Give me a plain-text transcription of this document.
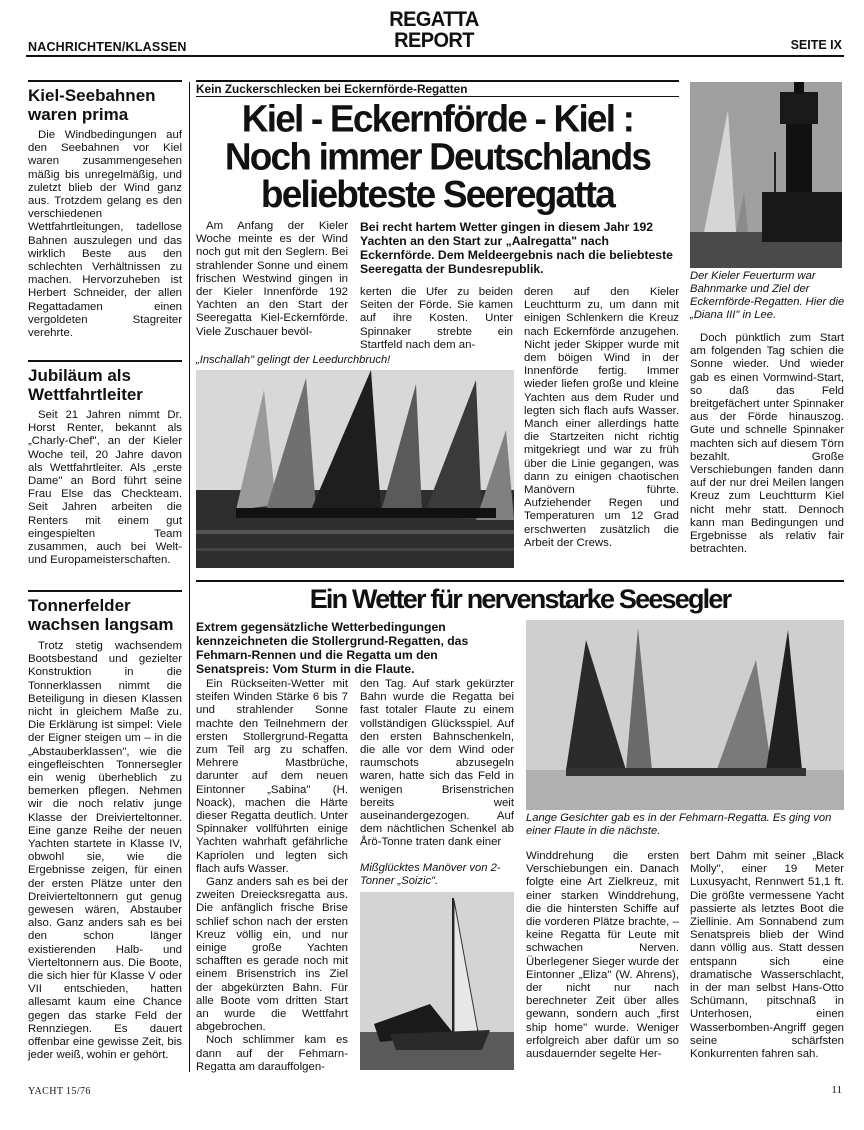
NACHRICHTEN/KLASSEN
REGATTA
REPORT	SEITE IX
Kiel-Seebahnen waren prima

Die Windbedingungen auf den Seebahnen vor Kiel waren zusammengesehen mäßig bis unregelmäßig, und zuletzt blieb der Wind ganz aus. Trotzdem gelang es den verschiedenen Wettfahrtleitungen, tadellose Bahnen auszulegen und das wirklich Beste aus den schlechten Verhältnissen zu machen. Hervorzuheben ist Herbert Schneider, der allen Regattadamen einen vergoldeten Stagreiter verehrte.

Jubiläum als Wettfahrtleiter

Seit 21 Jahren nimmt Dr. Horst Renter, bekannt als „Charly-Chef", an der Kieler Woche teil, 20 Jahre davon als Wettfahrtleiter. Als „erste Dame" an Bord führt seine Frau Else das Checkteam. Seit Jahren arbeiten die Renters mit einem gut eingespielten Team zusammen, auch bei Welt- und Europameisterschaften.

Tonnerfelder wachsen langsam

Trotz stetig wachsendem Bootsbestand und gezielter Konstruktion in die Tonnerklassen nimmt die Beteiligung in diesen Klassen nicht in gleichem Maße zu. Die Erklärung ist simpel: Viele der Eigner steigen um – in die „Abstauberklassen", wie die eingefleischten Tonnersegler ein wenig überheblich zu bemerken pflegen. Nehmen wir die noch relativ junge Klasse der Dreivierteltonner. Eine ganze Reihe der neuen Yachten startete in Klasse IV, obwohl sie, wie die Ergebnisse zeigen, für einen der ersten Plätze unter den Dreivierteltonnern gut genug gewesen wären, Abstauber also. Ganz anders sah es bei den schon länger existierenden Halb- und Vierteltonnern aus. Die Boote, die sich hier für Klasse V oder VII entschieden, hatten allesamt kaum eine Chance gegen das starke Feld der Rennziegen. Es dauert offenbar eine gewisse Zeit, bis jeder weiß, wohin er gehört.

Kein Zuckerschlecken bei Eckernförde-Regatten
Kiel - Eckernförde - Kiel :
Noch immer Deutschlands
beliebteste Seeregatta

Am Anfang der Kieler Woche meinte es der Wind noch gut mit den Seglern. Bei strahlender Sonne und einem frischen Westwind gingen in der Kieler Innenförde 192 Yachten an den Start der Seeregatta Kiel-Eckernförde. Viele Zuschauer bevöl-

Bei recht hartem Wetter gingen in diesem Jahr 192 Yachten an den Start zur „Aalregatta" nach Eckernförde. Dem Meldeergebnis nach die beliebteste Seeregatta der Bundesrepublik.

kerten die Ufer zu beiden Seiten der Förde. Sie kamen auf ihre Kosten. Unter Spinnaker strebte ein Startfeld nach dem an-

deren auf den Kieler Leuchtturm zu, um dann mit einigen Schlenkern die Kreuz nach Eckernförde anzugehen. Nicht jeder Skipper wurde mit dem böigen Wind in der Innenförde fertig. Immer wieder liefen große und kleine Yachten aus dem Ruder und legten sich flach aufs Wasser. Manch einer allerdings hatte die Startzeiten nicht richtig mitgekriegt und war zu früh über die Linie gegangen, was dann zu einigen chaotischen Manövern führte. Aufziehender Regen und Temperaturen um 12 Grad erschwerten zusätzlich die Arbeit der Crews.

„Inschallah" gelingt der Leedurchbruch!
Der Kieler Feuerturm war Bahnmarke und Ziel der Eckernförde-Regatten. Hier die „Diana III" in Lee.

Doch pünktlich zum Start am folgenden Tag schien die Sonne wieder. Und wieder gab es einen Vormwind-Start, so daß das Feld breitgefächert unter Spinnaker aus der Förde hinauszog. Gute und schnelle Spinnaker machten sich auf diesem Törn bezahlt. Große Verschiebungen fanden dann auf der nur drei Meilen langen Kreuz zum Leuchtturm Kiel nicht mehr statt. Dennoch kann man Bedingungen und Ergebnisse als relativ fair betrachten.

Ein Wetter für nervenstarke Seesegler
Extrem gegensätzliche Wetterbedingungen kennzeichneten die Stollergrund-Regatten, das Fehmarn-Rennen und die Regatta um den Senatspreis: Vom Sturm in die Flaute.

Ein Rückseiten-Wetter mit steifen Winden Stärke 6 bis 7 und strahlender Sonne machte den Teilnehmern der ersten Stollergrund-Regatta zum Teil arg zu schaffen. Mehrere Mastbrüche, darunter auf dem neuen Eintonner „Sabina" (H. Noack), machen die Härte dieser Regatta deutlich. Unter Spinnaker vollführten einige Yachten wahrhaft gefährliche Kapriolen und legten sich flach aufs Wasser.

Ganz anders sah es bei der zweiten Dreiecksregatta aus. Die anfänglich frische Brise schlief schon nach der ersten Kreuz völlig ein, und nur einige große Yachten schafften es gerade noch mit einem Brisenstrich ins Ziel der abgekürzten Bahn. Für alle Boote vom dritten Start an wurde die Wettfahrt abgebrochen.

Noch schlimmer kam es dann auf der Fehmarn-Regatta am darauffolgen-

den Tag. Auf stark gekürzter Bahn wurde die Regatta bei fast totaler Flaute zu einem vollständigen Glücksspiel. Auf den ersten Bahnschenkeln, die alle vor dem Wind oder raumschots abzusegeln waren, hatte sich das Feld in wenigen Brisenstrichen bereits weit auseinandergezogen. Auf dem nächtlichen Schenkel ab Årö-Tonne traten dank einer

Mißglücktes Manöver von 2-Tonner „Soizic".
Lange Gesichter gab es in der Fehmarn-Regatta. Es ging von einer Flaute in die nächste.

Winddrehung die ersten Verschiebungen ein. Danach folgte eine Art Zielkreuz, mit einer starken Winddrehung, die die hintersten Schiffe auf die vorderen Plätze brachte, – keine Regatta für Leute mit schwachen Nerven. Überlegener Sieger wurde der Eintonner „Eliza" (W. Ahrens), der nicht nur nach berechneter Zeit über alles gewann, sondern auch „first ship home" wurde. Weniger erfolgreich aber dafür um so ausdauernder segelte Her-

bert Dahm mit seiner „Black Molly", einer 19 Meter Luxusyacht, Rennwert 51,1 ft. Die größte vermessene Yacht passierte als letztes Boot die Ziellinie. Am Sonnabend zum Senatspreis blieb der Wind dann völlig aus. Statt dessen entspann sich eine dramatische Wasserschlacht, in der man selbst Hans-Otto Schümann, pitschnaß in Unterhosen, einen Wasserbomben-Angriff gegen seine schärfsten Konkurrenten fahren sah.

YACHT 15/76	11
